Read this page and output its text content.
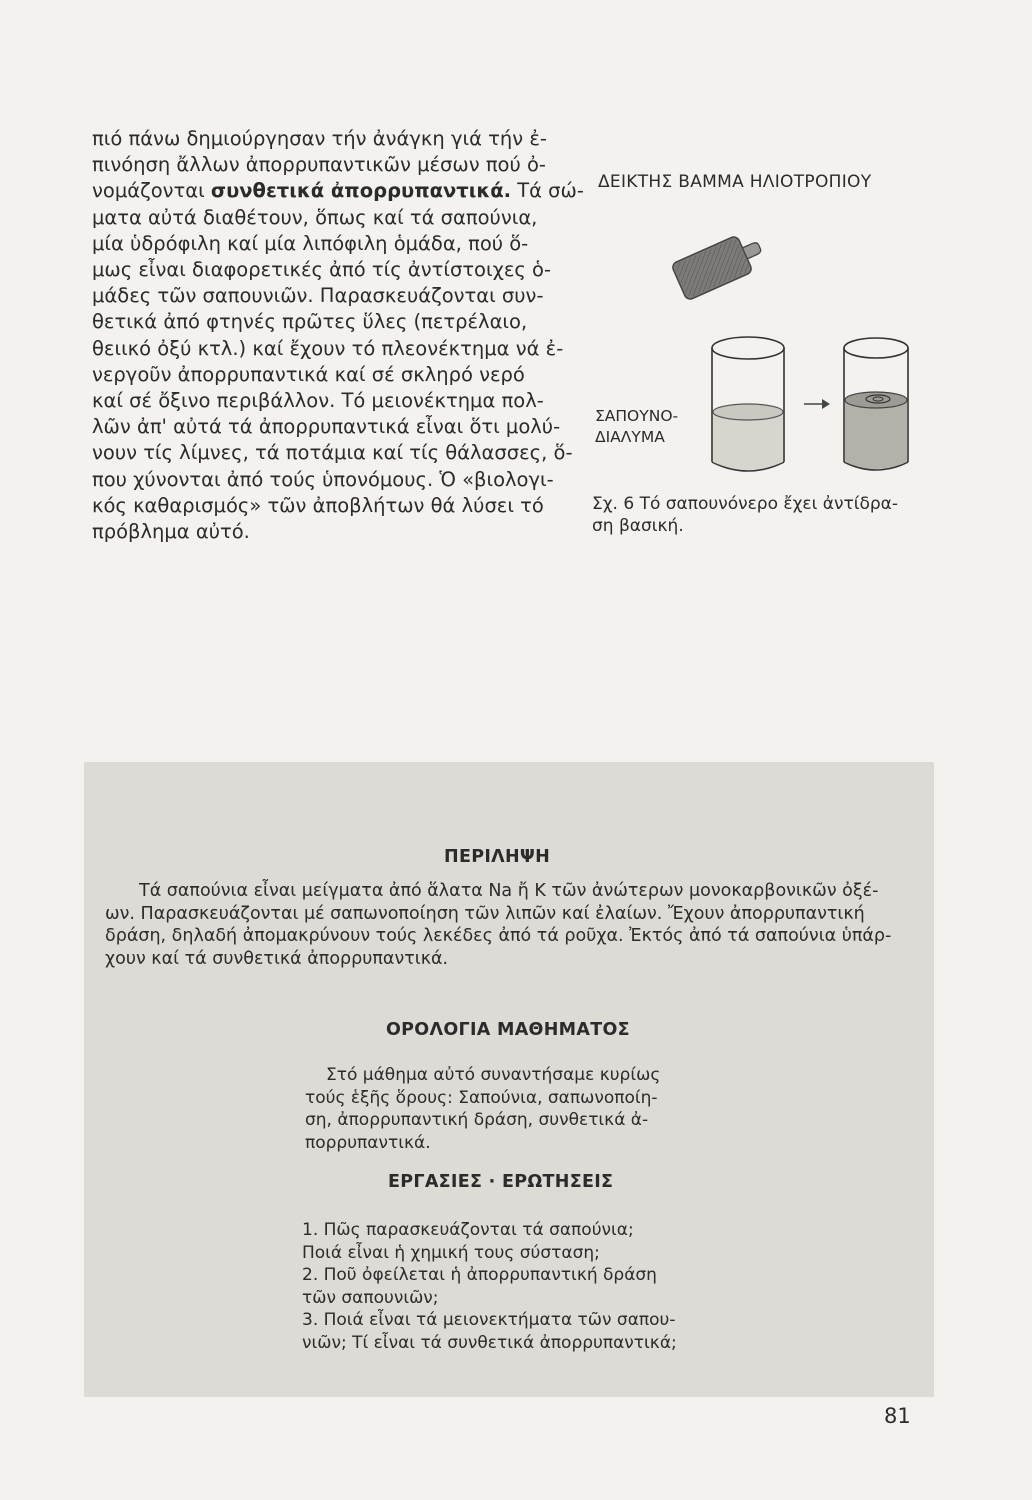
πιό πάνω δημιούργησαν τήν ἀνάγκη γιά τήν ἐ-
πινόηση ἄλλων ἀπορρυπαντικῶν μέσων πού ὀ-
νομάζονται συνθετικά ἀπορρυπαντικά. Τά σώ-
ματα αὐτά διαθέτουν, ὅπως καί τά σαπούνια,
μία ὑδρόφιλη καί μία λιπόφιλη ὁμάδα, πού ὅ-
μως εἶναι διαφορετικές ἀπό τίς ἀντίστοιχες ὁ-
μάδες τῶν σαπουνιῶν. Παρασκευάζονται συν-
θετικά ἀπό φτηνές πρῶτες ὕλες (πετρέλαιο,
θειικό ὀξύ κτλ.) καί ἔχουν τό πλεονέκτημα νά ἐ-
νεργοῦν ἀπορρυπαντικά καί σέ σκληρό νερό
καί σέ ὄξινο περιβάλλον. Τό μειονέκτημα πολ-
λῶν ἀπ' αὐτά τά ἀπορρυπαντικά εἶναι ὅτι μολύ-
νουν τίς λίμνες, τά ποτάμια καί τίς θάλασσες, ὅ-
που χύνονται ἀπό τούς ὑπονόμους. Ὁ «βιολογι-
κός καθαρισμός» τῶν ἀποβλήτων θά λύσει τό
πρόβλημα αὐτό.

ΔΕΙΚΤΗΣ ΒΑΜΜΑ ΗΛΙΟΤΡΟΠΙΟΥ
ΣΑΠΟΥΝΟ-
ΔΙΑΛΥΜΑ
Σχ. 6 Τό σαπουνόνερο ἔχει ἀντίδρα-
ση βασική.
ΠΕΡΙΛΗΨΗ
Τά σαπούνια εἶναι μείγματα ἀπό ἅλατα Na ἤ K τῶν ἀνώτερων μονοκαρβονικῶν ὀξέ-
ων. Παρασκευάζονται μέ σαπωνοποίηση τῶν λιπῶν καί ἐλαίων. Ἔχουν ἀπορρυπαντική
δράση, δηλαδή ἀπομακρύνουν τούς λεκέδες ἀπό τά ροῦχα. Ἐκτός ἀπό τά σαπούνια ὑπάρ-
χουν καί τά συνθετικά ἀπορρυπαντικά.
ΟΡΟΛΟΓΙΑ ΜΑΘΗΜΑΤΟΣ
Στό μάθημα αὐτό συναντήσαμε κυρίως
τούς ἑξῆς ὅρους: Σαπούνια, σαπωνοποίη-
ση, ἀπορρυπαντική δράση, συνθετικά ἀ-
πορρυπαντικά.
ΕΡΓΑΣΙΕΣ · ΕΡΩΤΗΣΕΙΣ
1. Πῶς παρασκευάζονται τά σαπούνια;
Ποιά εἶναι ἡ χημική τους σύσταση;
2. Ποῦ ὀφείλεται ἡ ἀπορρυπαντική δράση
τῶν σαπουνιῶν;
3. Ποιά εἶναι τά μειονεκτήματα τῶν σαπου-
νιῶν; Τί εἶναι τά συνθετικά ἀπορρυπαντικά;
81
